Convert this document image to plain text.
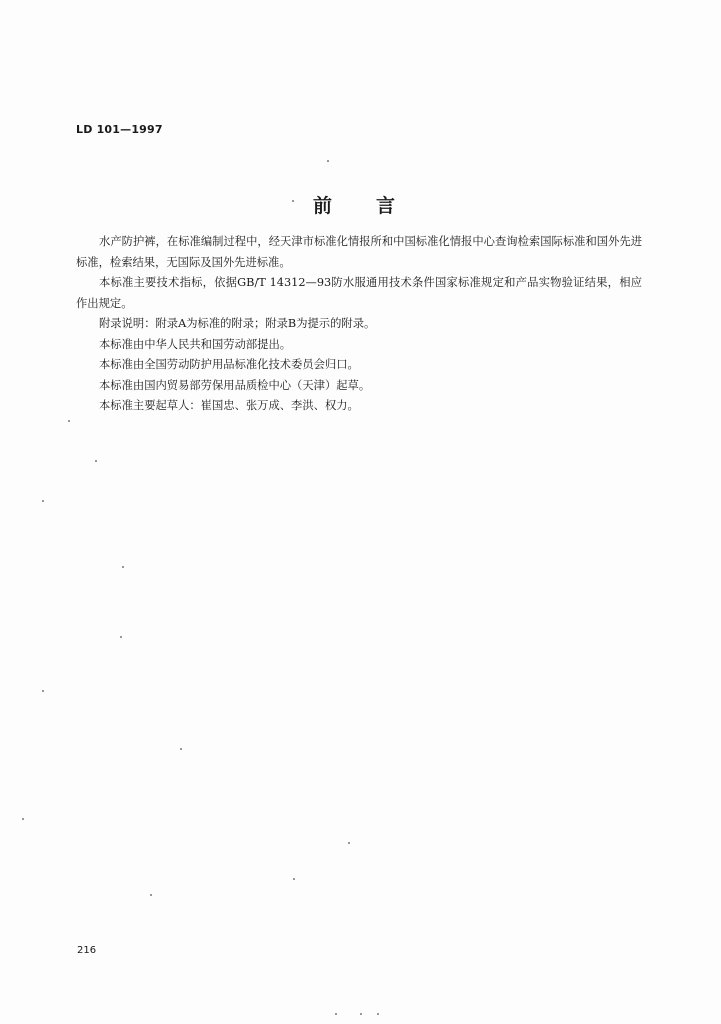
LD 101—1997
前 言

水产防护裤，在标准编制过程中，经天津市标准化情报所和中国标准化情报中心查询检索国际标准和国外先进标准，检索结果，无国际及国外先进标准。

本标准主要技术指标，依据GB/T 14312—93防水服通用技术条件国家标准规定和产品实物验证结果，相应作出规定。

附录说明：附录A为标准的附录；附录B为提示的附录。

本标准由中华人民共和国劳动部提出。

本标准由全国劳动防护用品标准化技术委员会归口。

本标准由国内贸易部劳保用品质检中心（天津）起草。

本标准主要起草人：崔国忠、张万成、李洪、权力。

216
